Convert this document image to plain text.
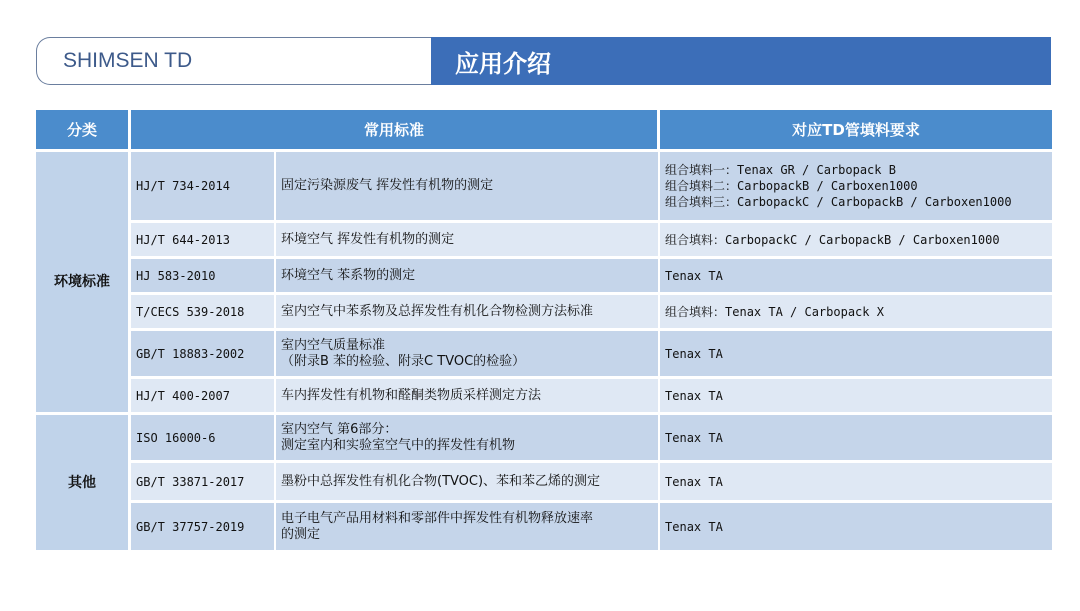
SHIMSEN TD	应用介绍
分类	常用标准		对应TD管填料要求
环境标准	HJ/T 734-2014	固定污染源废气 挥发性有机物的测定	组合填料一：Tenax GR / Carbopack B
组合填料二：CarbopackB / Carboxen1000
组合填料三：CarbopackC / CarbopackB / Carboxen1000

	HJ/T 644-2013	环境空气 挥发性有机物的测定	组合填料：CarbopackC / CarbopackB / Carboxen1000

	HJ 583-2010	环境空气 苯系物的测定	Tenax TA

	T/CECS 539-2018	室内空气中苯系物及总挥发性有机化合物检测方法标准	组合填料：Tenax TA / Carbopack X

	GB/T 18883-2002	室内空气质量标准
（附录B 苯的检验、附录C TVOC的检验）	Tenax TA

	HJ/T 400-2007	车内挥发性有机物和醛酮类物质采样测定方法	Tenax TA

其他	ISO 16000-6	室内空气 第6部分：
测定室内和实验室空气中的挥发性有机物	Tenax TA

	GB/T 33871-2017	墨粉中总挥发性有机化合物(TVOC)、苯和苯乙烯的测定	Tenax TA

	GB/T 37757-2019	电子电气产品用材料和零部件中挥发性有机物释放速率
的测定	Tenax TA
